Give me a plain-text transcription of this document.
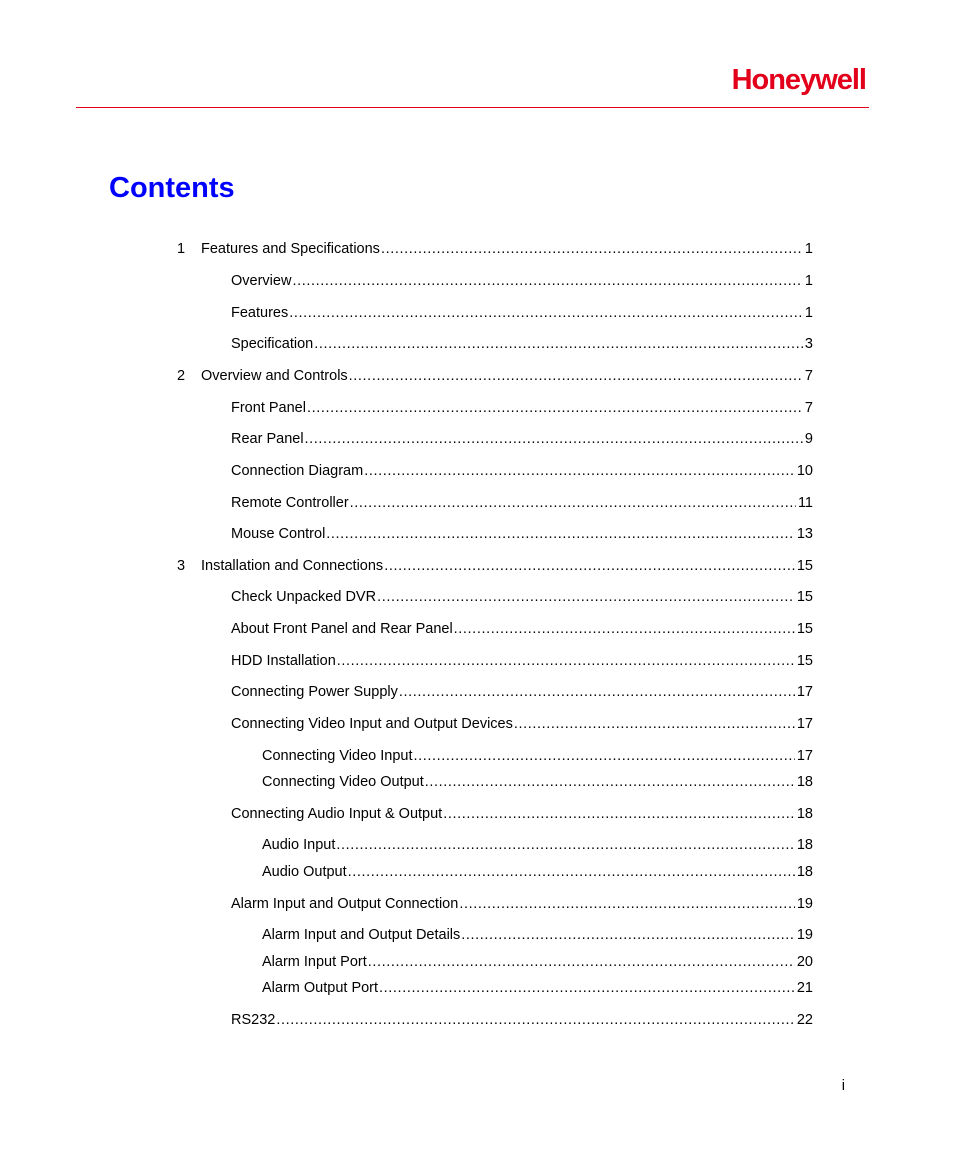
Honeywell
Contents
1	Features and Specifications .....	1
Overview .....	1
Features .....	1
Specification .....	3
2	Overview and Controls .....	7
Front Panel .....	7
Rear Panel .....	9
Connection Diagram .....	10
Remote Controller .....	11
Mouse Control .....	13
3	Installation and Connections .....	15
Check Unpacked DVR .....	15
About Front Panel and Rear Panel .....	15
HDD Installation .....	15
Connecting Power Supply .....	17
Connecting Video Input and Output Devices .....	17
Connecting Video Input .....	17
Connecting Video Output .....	18
Connecting Audio Input & Output .....	18
Audio Input .....	18
Audio Output .....	18
Alarm Input and Output Connection .....	19
Alarm Input and Output Details .....	19
Alarm Input Port .....	20
Alarm Output Port .....	21
RS232 .....	22
i
